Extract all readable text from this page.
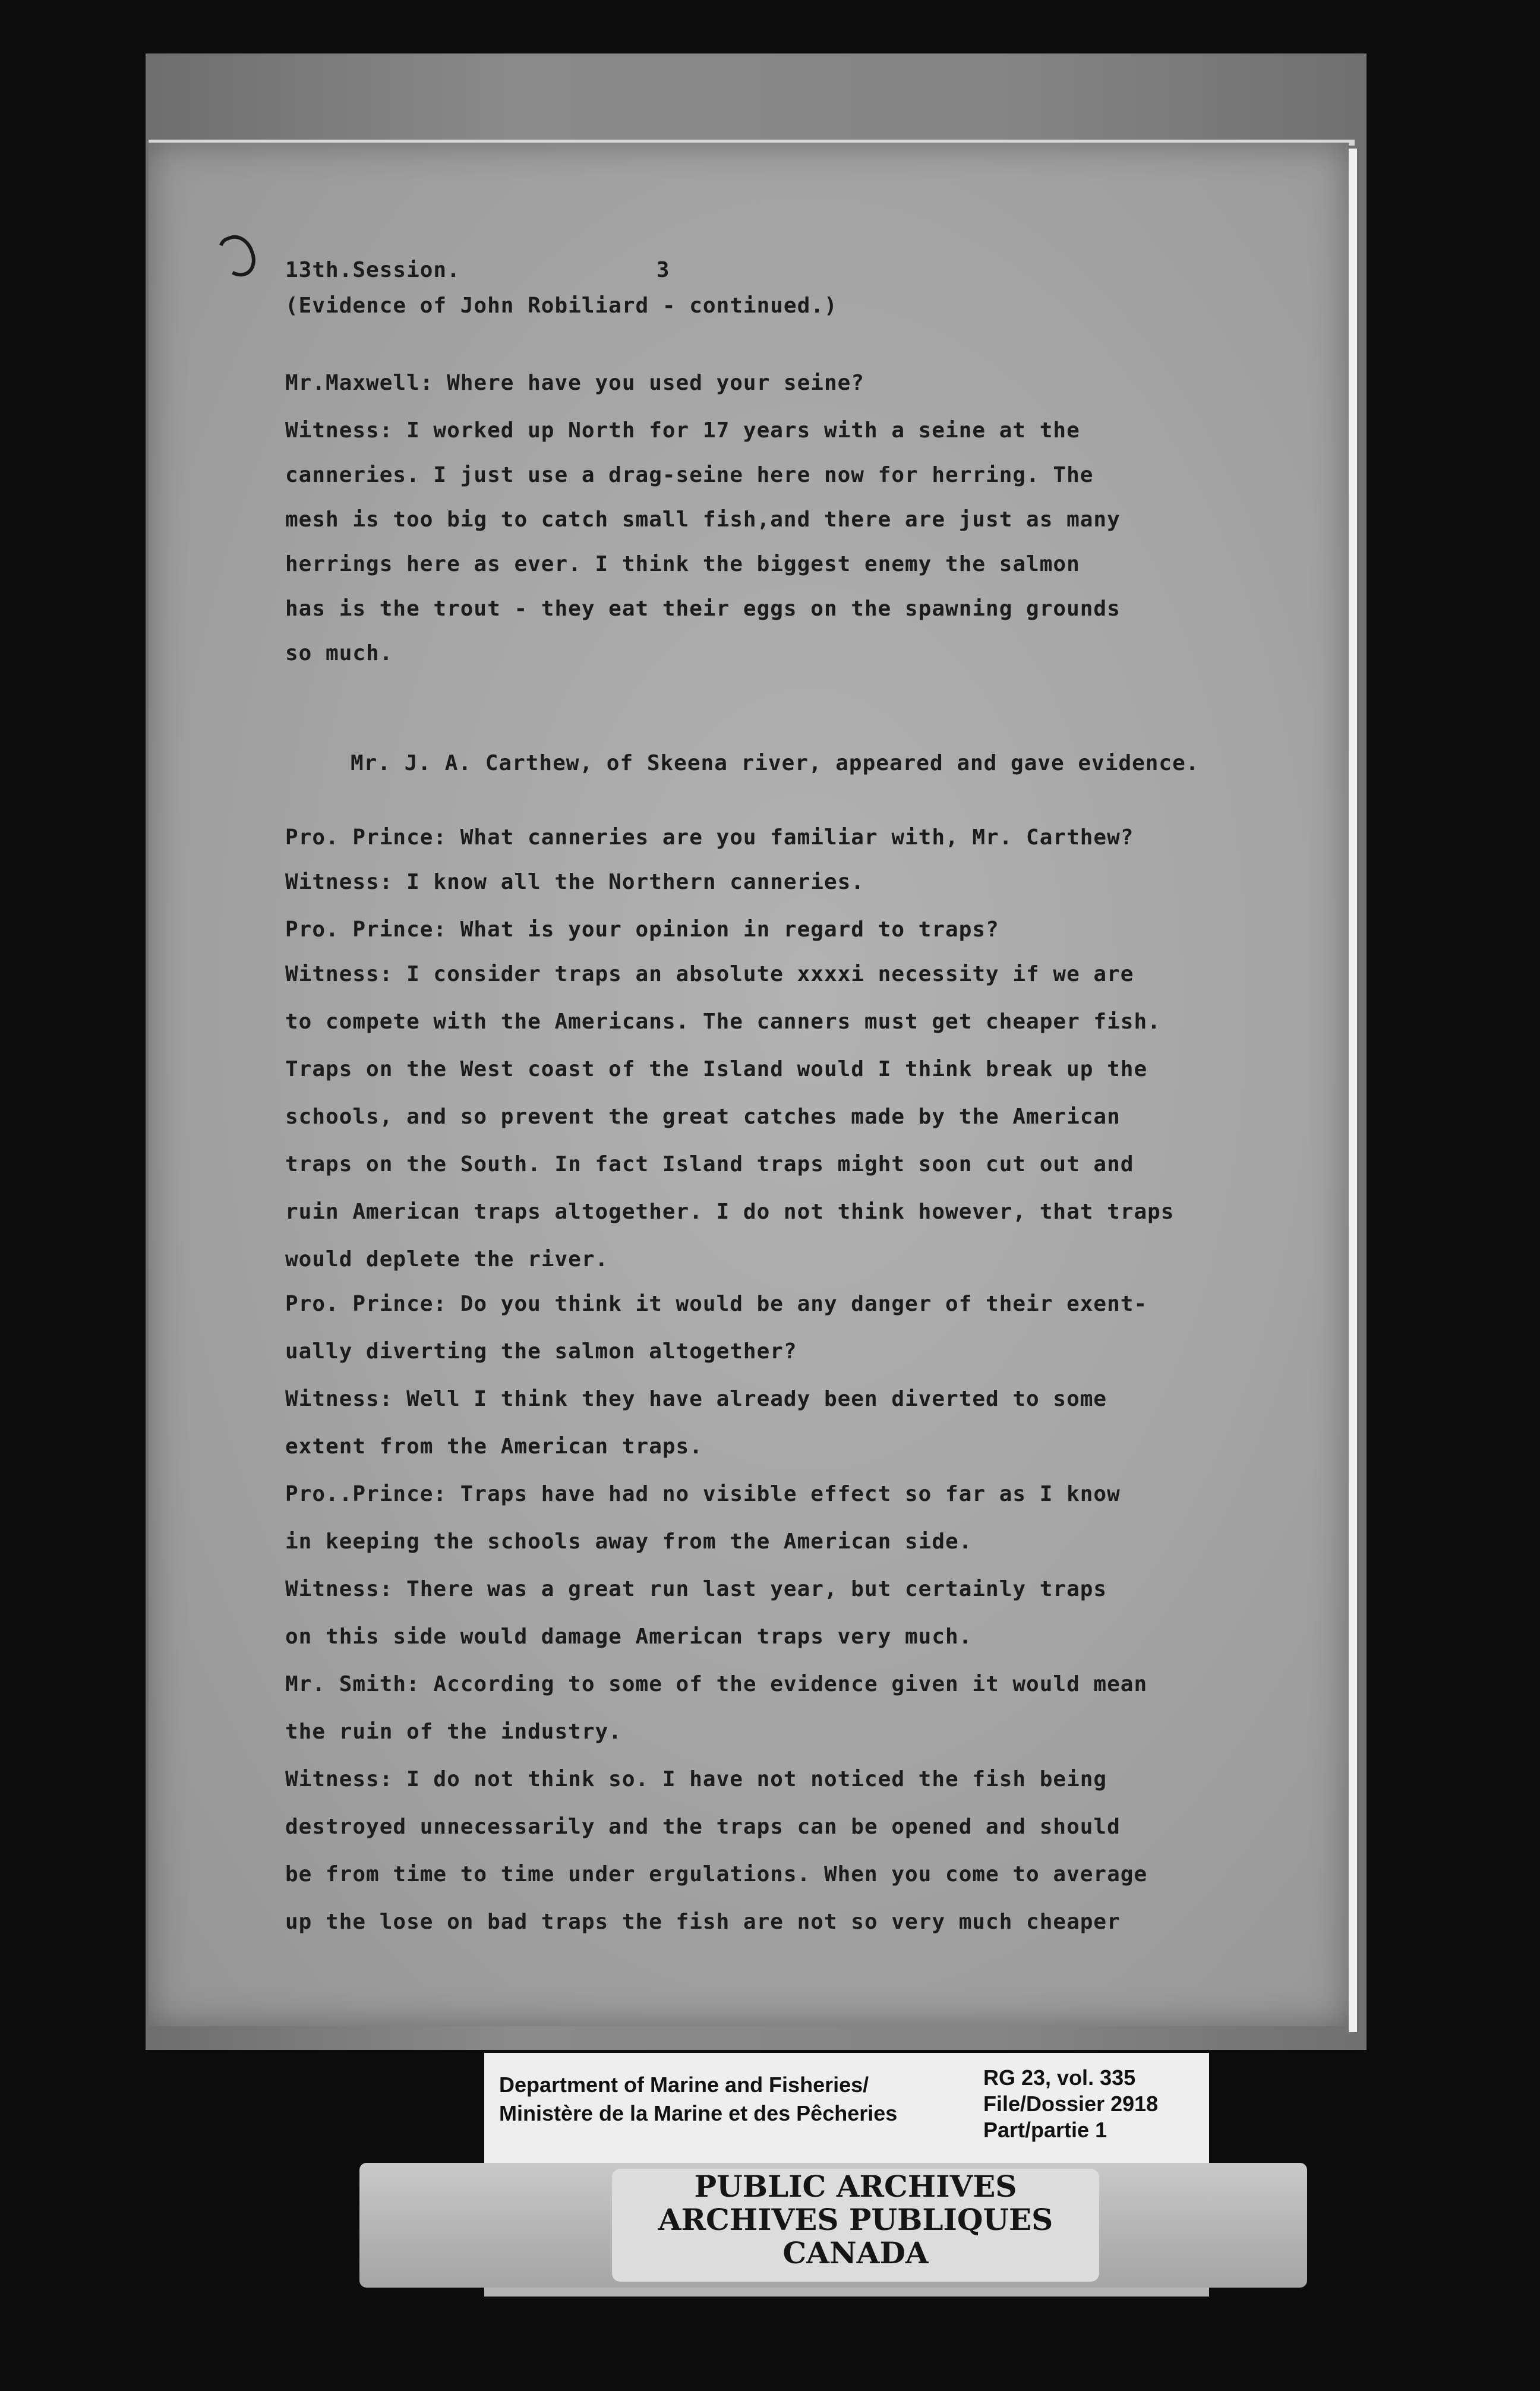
13th.Session.	3
(Evidence of John Robiliard - continued.)
Mr.Maxwell: Where have you used your seine?
Witness: I worked up North for 17 years with a seine at the
canneries. I just use a drag-seine here now for herring. The
mesh is too big to catch small fish,and there are just as many
herrings here as ever. I think the biggest enemy the salmon
has is the trout - they eat their eggs on the spawning grounds
so much.
Mr. J. A. Carthew, of Skeena river, appeared and gave evidence.
Pro. Prince: What canneries are you familiar with, Mr. Carthew?
Witness: I know all the Northern canneries.
Pro. Prince: What is your opinion in regard to traps?
Witness: I consider traps an absolute xxxxi necessity if we are
to compete with the Americans. The canners must get cheaper fish.
Traps on the West coast of the Island would I think break up the
schools, and so prevent the great catches made by the American
traps on the South. In fact Island traps might soon cut out and
ruin American traps altogether. I do not think however, that traps
would deplete the river.
Pro. Prince: Do you think it would be any danger of their exent-
ually diverting the salmon altogether?
Witness: Well I think they have already been diverted to some
extent from the American traps.
Pro..Prince: Traps have had no visible effect so far as I know
in keeping the schools away from the American side.
Witness: There was a great run last year, but certainly traps
on this side would damage American traps very much.
Mr. Smith: According to some of the evidence given it would mean
the ruin of the industry.
Witness: I do not think so. I have not noticed the fish being
destroyed unnecessarily and the traps can be opened and should
be from time to time under ergulations. When you come to average
up the lose on bad traps the fish are not so very much cheaper
Department of Marine and Fisheries/
Ministère de la Marine et des Pêcheries
RG 23, vol. 335
File/Dossier 2918
Part/partie 1
PUBLIC ARCHIVES
ARCHIVES PUBLIQUES
CANADA
